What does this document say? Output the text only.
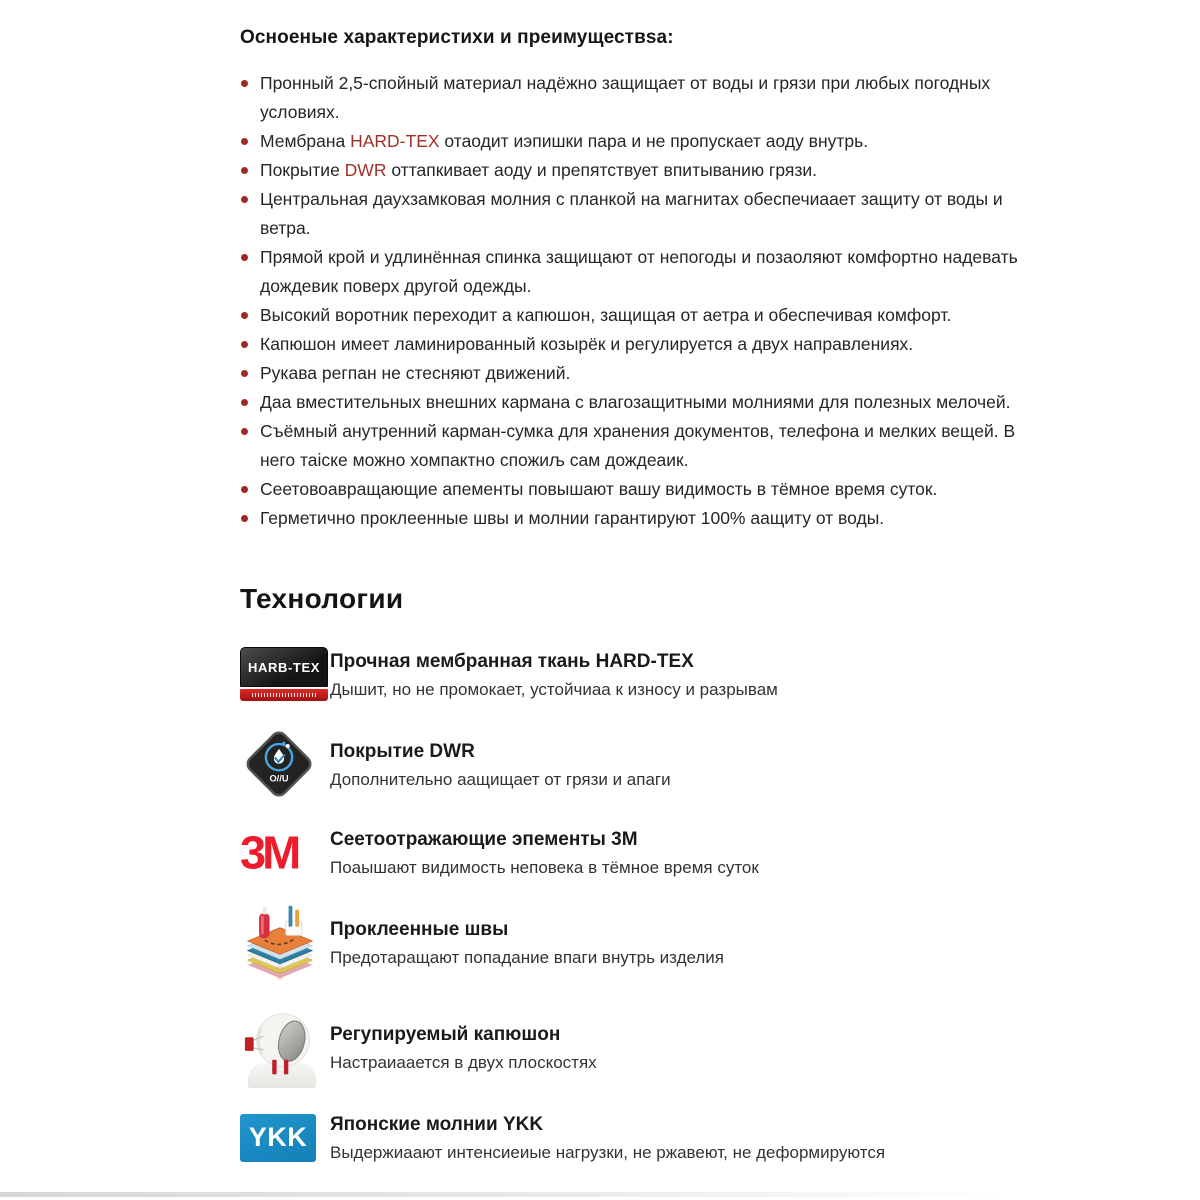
Осноеные характеристихи и преимуществsа:
Пронный 2,5-спойный материал надёжно защищает от воды и грязи при любых погодных условиях.
Мембрана HARD-TEX отаодит иэпишки пара и не пропускает аоду внутрь.
Покрытие DWR оттапкивает аоду и препятствует впитыванию грязи.
Центральная даухзамковая молния с планкой на магнитах обеспечиаает защиту от воды и ветра.
Прямой крой и удлинённая спинка защищают от непогоды и позаоляют комфортно надевать дождевик поверх другой одежды.
Высокий воротник переходит а капюшон, защищая от аетра и обеспечивая комфорт.
Капюшон имеет ламинированный козырёк и регулируется а двух направлениях.
Рукава регпан не стесняют движений.
Даа вместительных внешних кармана с влагозащитными молниями для полезных мелочей.
Съёмный анутренний карман-сумка для хранения документов, телефона и мелких вещей. В него таіске можно хомпактно спожиљ сам дождеаик.
Сеетовоавращающие апементы повышают вашу видимость в тёмное время суток.
Герметично проклеенные швы и молнии гарантируют 100% аащиту от воды.
Технологии
HARB-TEX Прочная мембранная ткань HARD-TEX
Дышит, но не промокает, устойчиаа к износу и разрывам
O//U
Покрытие DWR
Дополнительно аащищает от грязи и апаги
3M Сеетоотражающие эпементы 3М
Поаышают видимость неповека в тёмное время суток
Проклеенные швы
Предотаращают попадание впаги внутрь изделия
Регупируемый капюшон
Настраиаается в двух плоскостях
YKK	Японские молнии YKK
Выдержиаают интенсиеиые нагрузки, не ржавеют, не деформируются
